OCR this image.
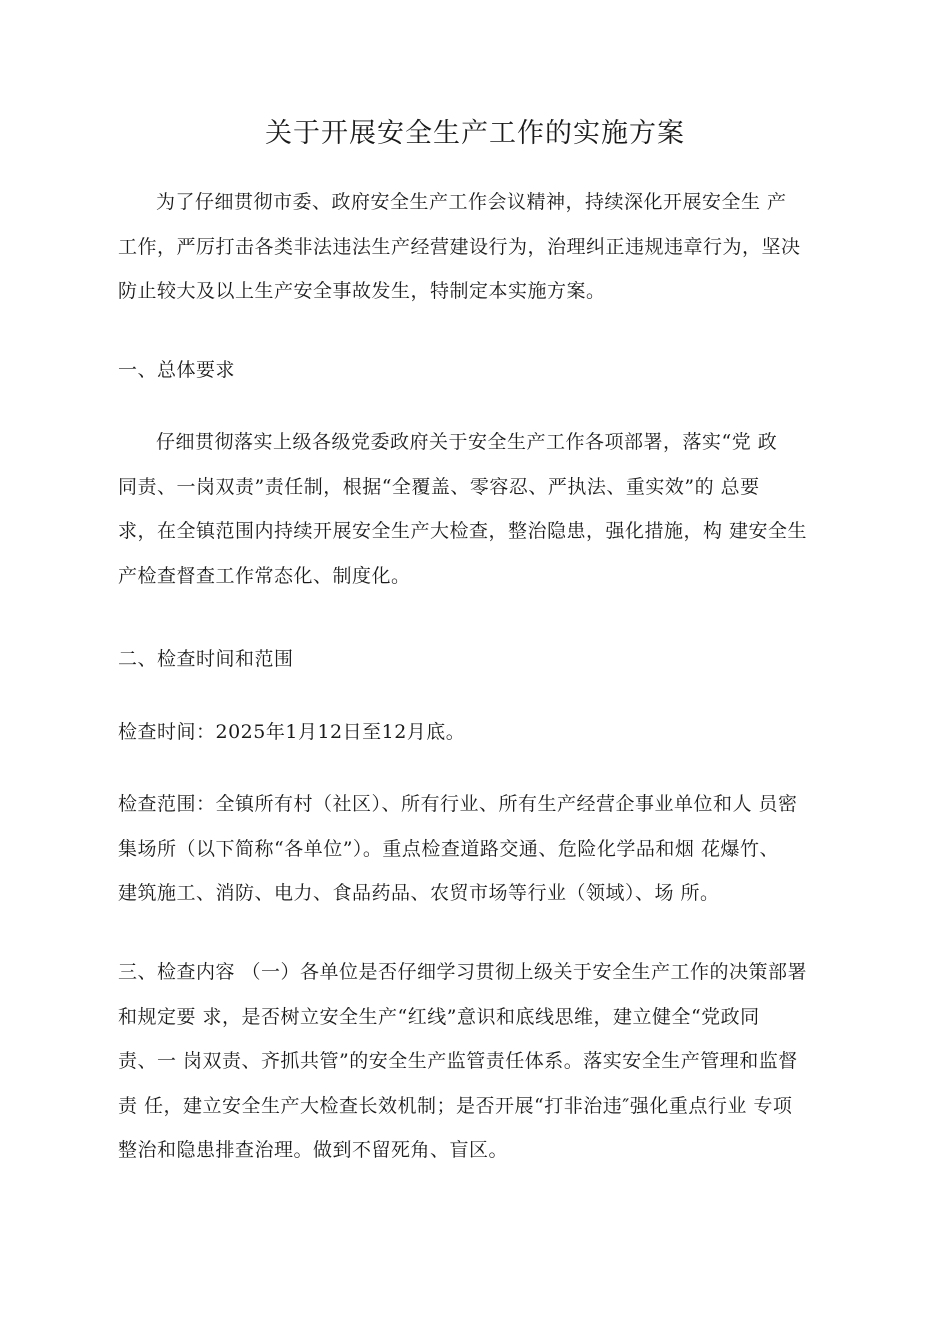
关于开展安全生产工作的实施方案
为了仔细贯彻市委、政府安全生产工作会议精神，持续深化开展安全生 产
工作，严厉打击各类非法违法生产经营建设行为，治理纠正违规违章行为，坚决
防止较大及以上生产安全事故发生，特制定本实施方案。
一、总体要求
仔细贯彻落实上级各级党委政府关于安全生产工作各项部署，落实“党 政
同责、一岗双责”责任制，根据“全覆盖、零容忍、严执法、重实效”的 总要
求，在全镇范围内持续开展安全生产大检查，整治隐患，强化措施，构 建安全生
产检查督查工作常态化、制度化。
二、检查时间和范围
检查时间：2025年1月12日至12月底。
检查范围：全镇所有村（社区）、所有行业、所有生产经营企事业单位和人 员密
集场所（以下简称“各单位”）。重点检查道路交通、危险化学品和烟 花爆竹、
建筑施工、消防、电力、食品药品、农贸市场等行业（领域）、场 所。
三、检查内容 （一）各单位是否仔细学习贯彻上级关于安全生产工作的决策部署
和规定要 求，是否树立安全生产“红线”意识和底线思维，建立健全“党政同
责、一 岗双责、齐抓共管”的安全生产监管责任体系。落实安全生产管理和监督
责 任，建立安全生产大检查长效机制；是否开展“打非治违″强化重点行业 专项
整治和隐患排查治理。做到不留死角、盲区。
